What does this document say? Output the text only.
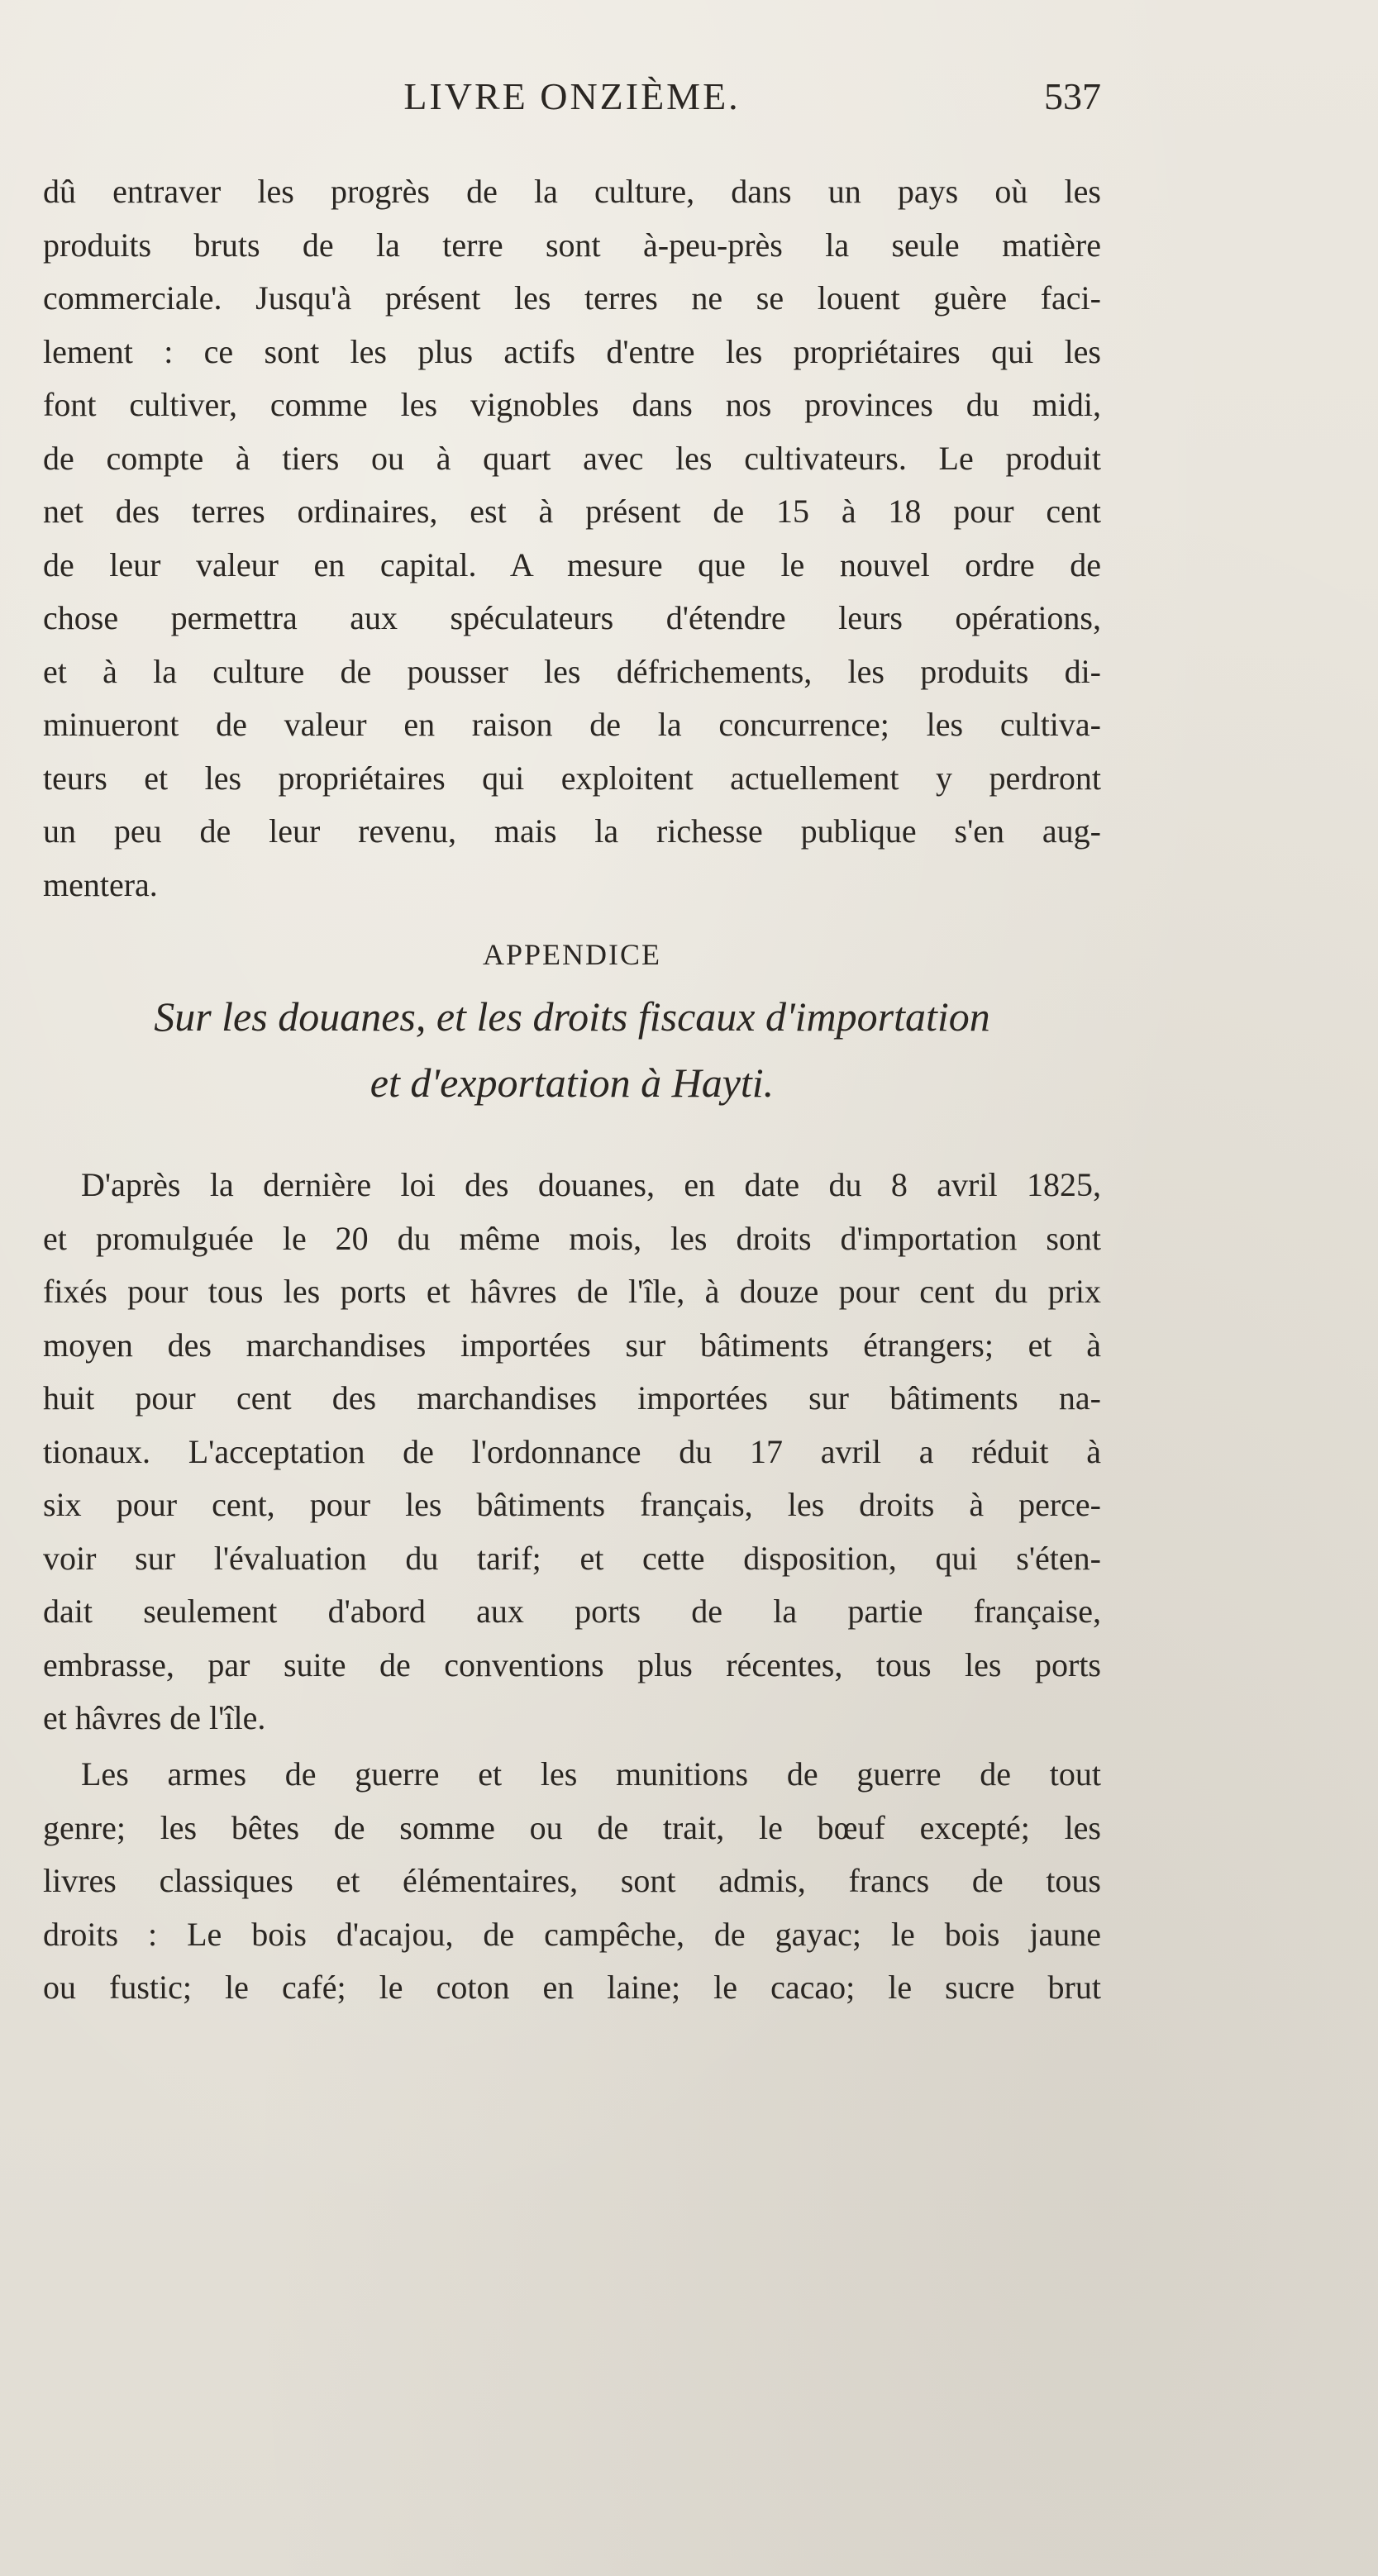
LIVRE ONZIÈME.	537
dû entraver les progrès de la culture, dans un pays où les
produits bruts de la terre sont à-peu-près la seule matière
commerciale. Jusqu'à présent les terres ne se louent guère faci-
lement : ce sont les plus actifs d'entre les propriétaires qui les
font cultiver, comme les vignobles dans nos provinces du midi,
de compte à tiers ou à quart avec les cultivateurs. Le produit
net des terres ordinaires, est à présent de 15 à 18 pour cent
de leur valeur en capital. A mesure que le nouvel ordre de
chose permettra aux spéculateurs d'étendre leurs opérations,
et à la culture de pousser les défrichements, les produits di-
minueront de valeur en raison de la concurrence; les cultiva-
teurs et les propriétaires qui exploitent actuellement y perdront
un peu de leur revenu, mais la richesse publique s'en aug-
mentera.
APPENDICE
Sur les douanes, et les droits fiscaux d'importation
et d'exportation à Hayti.
D'après la dernière loi des douanes, en date du 8 avril 1825,
et promulguée le 20 du même mois, les droits d'importation sont
fixés pour tous les ports et hâvres de l'île, à douze pour cent du prix
moyen des marchandises importées sur bâtiments étrangers; et à
huit pour cent des marchandises importées sur bâtiments na-
tionaux. L'acceptation de l'ordonnance du 17 avril a réduit à
six pour cent, pour les bâtiments français, les droits à perce-
voir sur l'évaluation du tarif; et cette disposition, qui s'éten-
dait seulement d'abord aux ports de la partie française,
embrasse, par suite de conventions plus récentes, tous les ports
et hâvres de l'île.
Les armes de guerre et les munitions de guerre de tout
genre; les bêtes de somme ou de trait, le bœuf excepté; les
livres classiques et élémentaires, sont admis, francs de tous
droits : Le bois d'acajou, de campêche, de gayac; le bois jaune
ou fustic; le café; le coton en laine; le cacao; le sucre brut
